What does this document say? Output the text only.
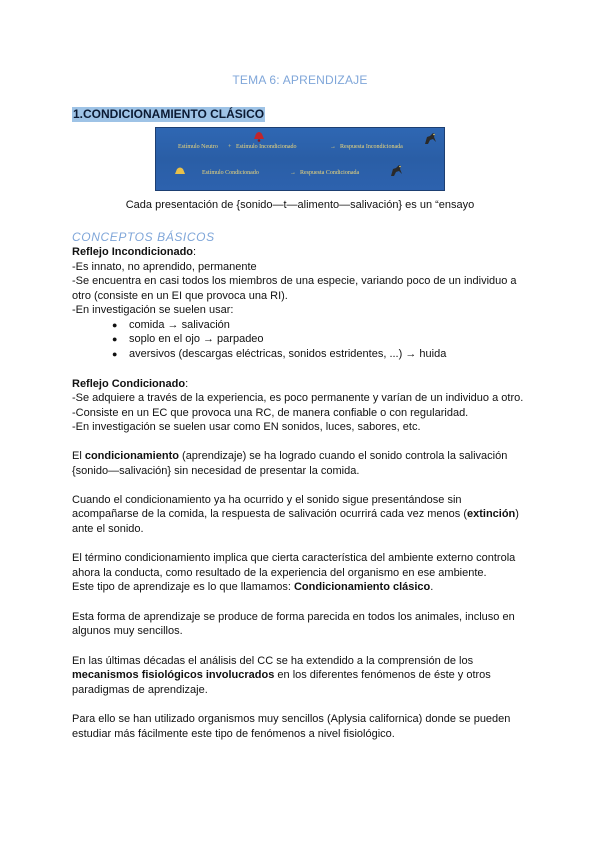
TEMA 6: APRENDIZAJE
1.CONDICIONAMIENTO CLÁSICO
Estímulo Neutro + Estímulo Incondicionado	→ Respuesta Incondicionada
Estímulo Condicionado	→ Respuesta Condicionada
Cada presentación de {sonido—t—alimento—salivación} es un “ensayo
CONCEPTOS BÁSICOS
Reflejo Incondicionado:
-Es innato, no aprendido, permanente
-Se encuentra en casi todos los miembros de una especie, variando poco de un individuo a
otro (consiste en un EI que provoca una RI).
-En investigación se suelen usar:
● comida → salivación
● soplo en el ojo → parpadeo
● aversivos (descargas eléctricas, sonidos estridentes, ...) → huida
Reflejo Condicionado:
-Se adquiere a través de la experiencia, es poco permanente y varían de un individuo a otro.
-Consiste en un EC que provoca una RC, de manera confiable o con regularidad.
-En investigación se suelen usar como EN sonidos, luces, sabores, etc.
El condicionamiento (aprendizaje) se ha logrado cuando el sonido controla la salivación
{sonido—salivación} sin necesidad de presentar la comida.
Cuando el condicionamiento ya ha ocurrido y el sonido sigue presentándose sin
acompañarse de la comida, la respuesta de salivación ocurrirá cada vez menos (extinción)
ante el sonido.
El término condicionamiento implica que cierta característica del ambiente externo controla
ahora la conducta, como resultado de la experiencia del organismo en ese ambiente.
Este tipo de aprendizaje es lo que llamamos: Condicionamiento clásico.
Esta forma de aprendizaje se produce de forma parecida en todos los animales, incluso en
algunos muy sencillos.
En las últimas décadas el análisis del CC se ha extendido a la comprensión de los
mecanismos fisiológicos involucrados en los diferentes fenómenos de éste y otros
paradigmas de aprendizaje.
Para ello se han utilizado organismos muy sencillos (Aplysia californica) donde se pueden
estudiar más fácilmente este tipo de fenómenos a nivel fisiológico.
